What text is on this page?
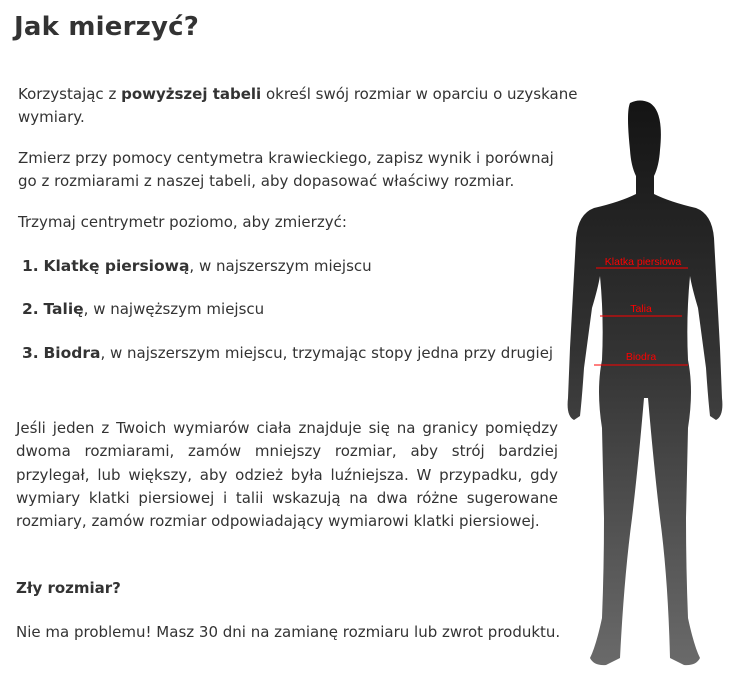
Jak mierzyć?

Korzystając z powyższej tabeli określ swój rozmiar w oparciu o uzyskane

wymiary.

Zmierz przy pomocy centymetra krawieckiego, zapisz wynik i porównaj

go z rozmiarami z naszej tabeli, aby dopasować właściwy rozmiar.

Trzymaj centrymetr poziomo, aby zmierzyć:

1. Klatkę piersiową, w najszerszym miejscu

2. Talię, w najwęższym miejscu

3. Biodra, w najszerszym miejscu, trzymając stopy jedna przy drugiej

Jeśli jeden z Twoich wymiarów ciała znajduje się na granicy pomiędzy dwoma rozmiarami, zamów mniejszy rozmiar, aby strój bardziej przylegał, lub większy, aby odzież była luźniejsza. W przypadku, gdy wymiary klatki piersiowej i talii wskazują na dwa różne sugerowane rozmiary, zamów rozmiar odpowiadający wymiarowi klatki piersiowej.

Zły rozmiar?

Nie ma problemu! Masz 30 dni na zamianę rozmiaru lub zwrot produktu.

Klatka piersiowa
Talia
Biodra
